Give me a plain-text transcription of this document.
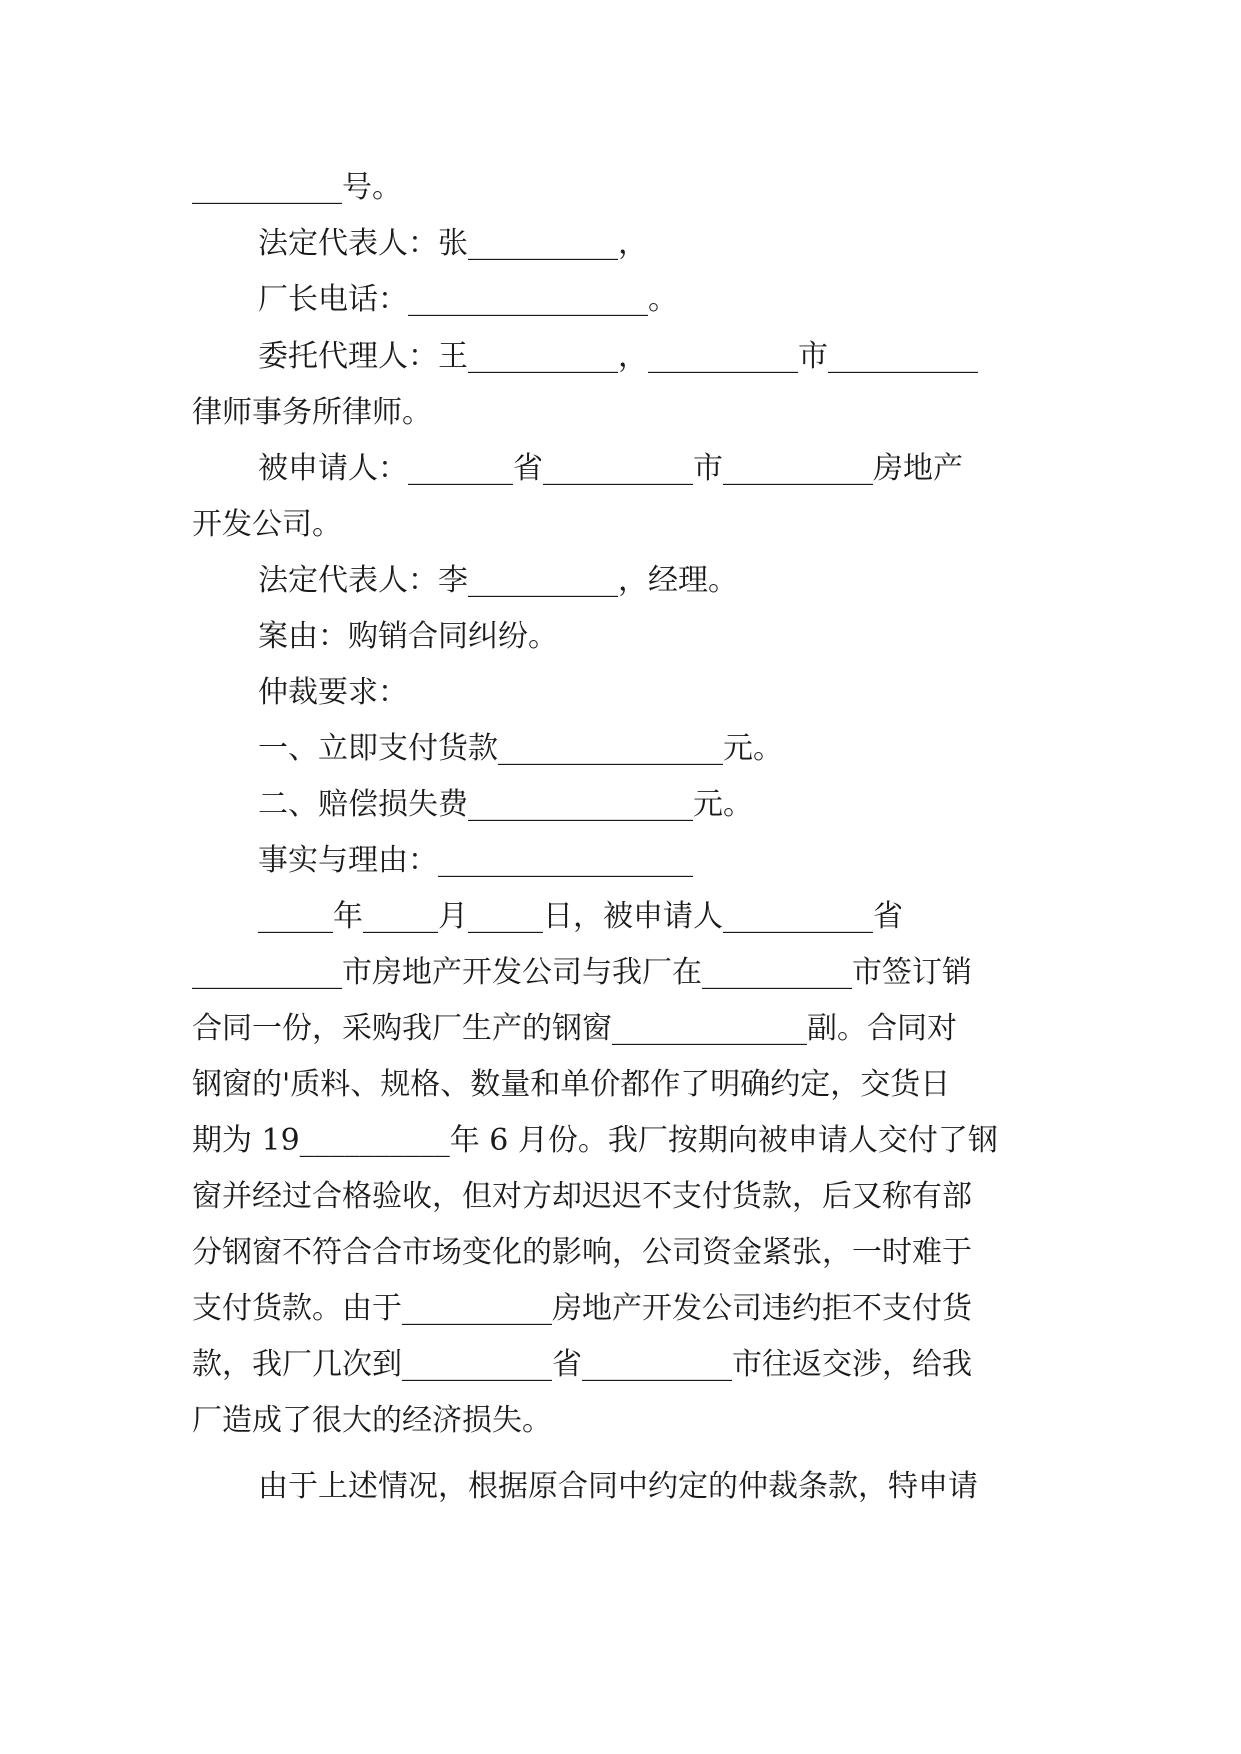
__________号。
法定代表人：张__________，
厂长电话：________________。
委托代理人：王__________，__________市__________
律师事务所律师。
被申请人：_______省__________市__________房地产
开发公司。
法定代表人：李__________，经理。
案由：购销合同纠纷。
仲裁要求：
一、立即支付货款_______________元。
二、赔偿损失费_______________元。
事实与理由：_________________
_____年_____月_____日，被申请人__________省
__________市房地产开发公司与我厂在__________市签订销
合同一份，采购我厂生产的钢窗_____________副。合同对
钢窗的'质料、规格、数量和单价都作了明确约定，交货日
期为 19__________年 6 月份。我厂按期向被申请人交付了钢
窗并经过合格验收，但对方却迟迟不支付货款，后又称有部
分钢窗不符合合市场变化的影响，公司资金紧张，一时难于
支付货款。由于__________房地产开发公司违约拒不支付货
款，我厂几次到__________省__________市往返交涉，给我
厂造成了很大的经济损失。
由于上述情况，根据原合同中约定的仲裁条款，特申请
